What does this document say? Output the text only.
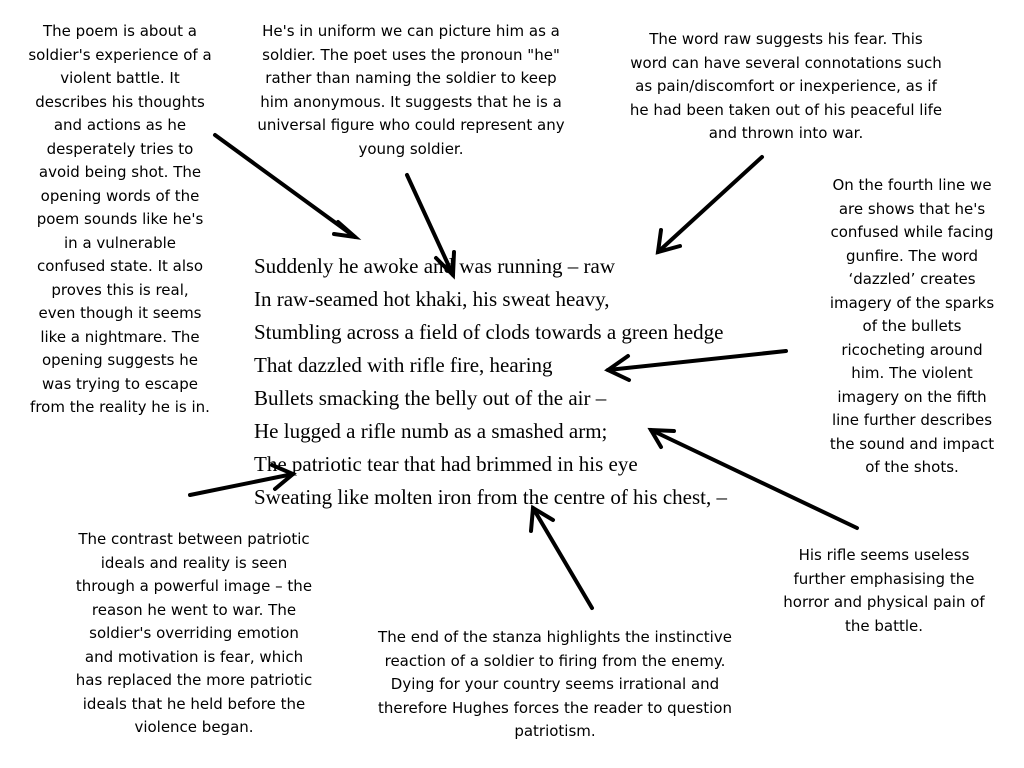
The poem is about a
soldier's experience of a
violent battle. It
describes his thoughts
and actions as he
desperately tries to
avoid being shot. The
opening words of the
poem sounds like he's
in a vulnerable
confused state. It also
proves this is real,
even though it seems
like a nightmare. The
opening suggests he
was trying to escape
from the reality he is in.

He's in uniform we can picture him as a
soldier. The poet uses the pronoun "he"
rather than naming the soldier to keep
him anonymous. It suggests that he is a
universal figure who could represent any
young soldier.

The word raw suggests his fear. This
word can have several connotations such
as pain/discomfort or inexperience, as if
he had been taken out of his peaceful life
and thrown into war.

On the fourth line we
are shows that he's
confused while facing
gunfire. The word
‘dazzled’ creates
imagery of the sparks
of the bullets
ricocheting around
him. The violent
imagery on the fifth
line further describes
the sound and impact
of the shots.

His rifle seems useless
further emphasising the
horror and physical pain of
the battle.

The contrast between patriotic
ideals and reality is seen
through a powerful image – the
reason he went to war. The
soldier's overriding emotion
and motivation is fear, which
has replaced the more patriotic
ideals that he held before the
violence began.

The end of the stanza highlights the instinctive
reaction of a soldier to firing from the enemy.
Dying for your country seems irrational and
therefore Hughes forces the reader to question
patriotism.

Suddenly he awoke and was running – raw
In raw-seamed hot khaki, his sweat heavy,
Stumbling across a field of clods towards a green hedge
That dazzled with rifle fire, hearing
Bullets smacking the belly out of the air –
He lugged a rifle numb as a smashed arm;
The patriotic tear that had brimmed in his eye
Sweating like molten iron from the centre of his chest, –
